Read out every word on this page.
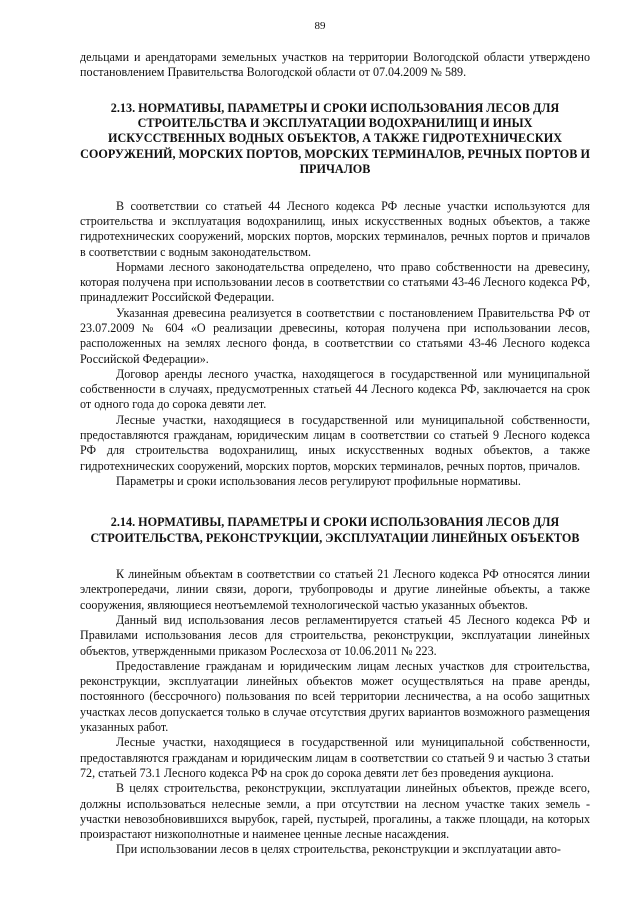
89

дельцами и арендаторами земельных участков на территории Вологодской области утверждено постановлением Правительства Вологодской области от 07.04.2009 № 589.

2.13. НОРМАТИВЫ, ПАРАМЕТРЫ И СРОКИ ИСПОЛЬЗОВАНИЯ ЛЕСОВ ДЛЯ СТРОИТЕЛЬСТВА И ЭКСПЛУАТАЦИИ ВОДОХРАНИЛИЩ И ИНЫХ ИСКУССТВЕННЫХ ВОДНЫХ ОБЪЕКТОВ, А ТАКЖЕ ГИДРОТЕХНИЧЕСКИХ СООРУЖЕНИЙ, МОРСКИХ ПОРТОВ, МОРСКИХ ТЕРМИНАЛОВ, РЕЧНЫХ ПОРТОВ И ПРИЧАЛОВ

В соответствии со статьей 44 Лесного кодекса РФ лесные участки используются для строительства и эксплуатация водохранилищ, иных искусственных водных объектов, а также гидротехнических сооружений, морских портов, морских терминалов, речных портов и причалов в соответствии с водным законодательством.

Нормами лесного законодательства определено, что право собственности на древесину, которая получена при использовании лесов в соответствии со статьями 43-46 Лесного кодекса РФ, принадлежит Российской Федерации.

Указанная древесина реализуется в соответствии с постановлением Правительства РФ от 23.07.2009 № 604 «О реализации древесины, которая получена при использовании лесов, расположенных на землях лесного фонда, в соответствии со статьями 43-46 Лесного кодекса Российской Федерации».

Договор аренды лесного участка, находящегося в государственной или муниципальной собственности в случаях, предусмотренных статьей 44 Лесного кодекса РФ, заключается на срок от одного года до сорока девяти лет.

Лесные участки, находящиеся в государственной или муниципальной собственности, предоставляются гражданам, юридическим лицам в соответствии со статьей 9 Лесного кодекса РФ для строительства водохранилищ, иных искусственных водных объектов, а также гидротехнических сооружений, морских портов, морских терминалов, речных портов, причалов.

Параметры и сроки использования лесов регулируют профильные нормативы.

2.14. НОРМАТИВЫ, ПАРАМЕТРЫ И СРОКИ ИСПОЛЬЗОВАНИЯ ЛЕСОВ ДЛЯ СТРОИТЕЛЬСТВА, РЕКОНСТРУКЦИИ, ЭКСПЛУАТАЦИИ ЛИНЕЙНЫХ ОБЪЕКТОВ

К линейным объектам в соответствии со статьей 21 Лесного кодекса РФ относятся линии электропередачи, линии связи, дороги, трубопроводы и другие линейные объекты, а также сооружения, являющиеся неотъемлемой технологической частью указанных объектов.

Данный вид использования лесов регламентируется статьей 45 Лесного кодекса РФ и Правилами использования лесов для строительства, реконструкции, эксплуатации линейных объектов, утвержденными приказом Рослесхоза от 10.06.2011 № 223.

Предоставление гражданам и юридическим лицам лесных участков для строительства, реконструкции, эксплуатации линейных объектов может осуществляться на праве аренды, постоянного (бессрочного) пользования по всей территории лесничества, а на особо защитных участках лесов допускается только в случае отсутствия других вариантов возможного размещения указанных работ.

Лесные участки, находящиеся в государственной или муниципальной собственности, предоставляются гражданам и юридическим лицам в соответствии со статьей 9 и частью 3 статьи 72, статьей 73.1 Лесного кодекса РФ на срок до сорока девяти лет без проведения аукциона.

В целях строительства, реконструкции, эксплуатации линейных объектов, прежде всего, должны использоваться нелесные земли, а при отсутствии на лесном участке таких земель - участки невозобновившихся вырубок, гарей, пустырей, прогалины, а также площади, на которых произрастают низкополнотные и наименее ценные лесные насаждения.

При использовании лесов в целях строительства, реконструкции и эксплуатации авто-
